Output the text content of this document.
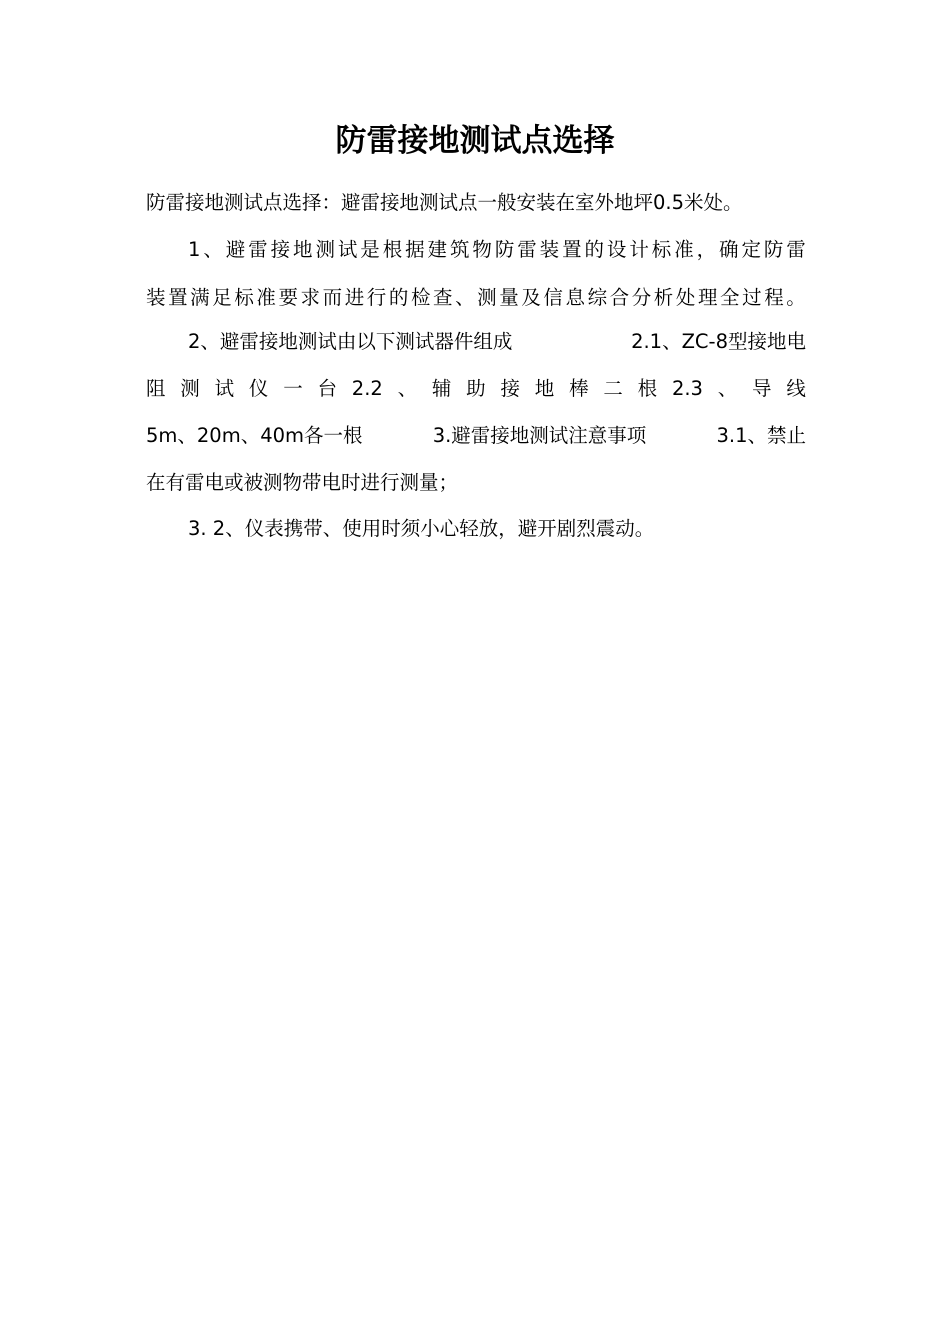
防雷接地测试点选择

防雷接地测试点选择：避雷接地测试点一般安装在室外地坪0.5米处。

1 、 避 雷 接 地 测 试 是 根 据 建 筑 物 防 雷 装 置 的 设 计 标 准 ， 确 定 防 雷

装 置 满 足 标 准 要 求 而 进 行 的 检 查 、 测 量 及 信 息 综 合 分 析 处 理 全 过 程 。

2、避雷接地测试由以下测试器件组成	2.1、ZC-8型接地电
阻 测 试 仪 一 台 2.2 、 辅 助 接 地 棒 二 根 2.3 、 导 线
5m、20m、40m各一根	3.避雷接地测试注意事项	3.1、禁止

在有雷电或被测物带电时进行测量；

3. 2、仪表携带、使用时须小心轻放，避开剧烈震动。
